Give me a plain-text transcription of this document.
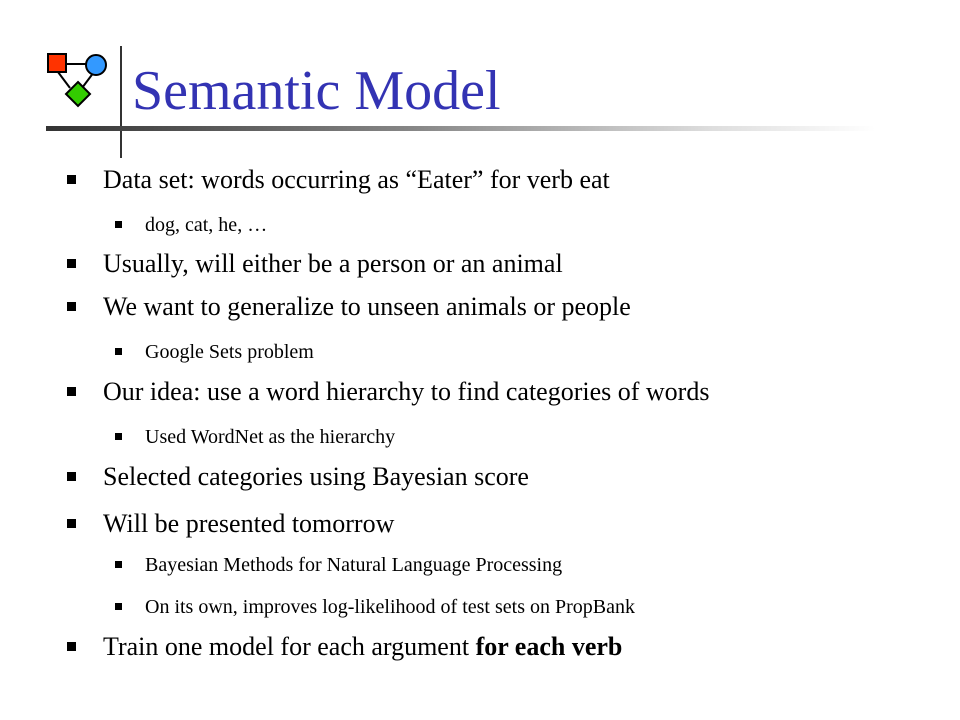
Semantic Model
Data set: words occurring as “Eater” for verb eat
dog, cat, he, …
Usually, will either be a person or an animal
We want to generalize to unseen animals or people
Google Sets problem
Our idea: use a word hierarchy to find categories of words
Used WordNet as the hierarchy
Selected categories using Bayesian score
Will be presented tomorrow
Bayesian Methods for Natural Language Processing
On its own, improves log-likelihood of test sets on PropBank
Train one model for each argument for each verb
